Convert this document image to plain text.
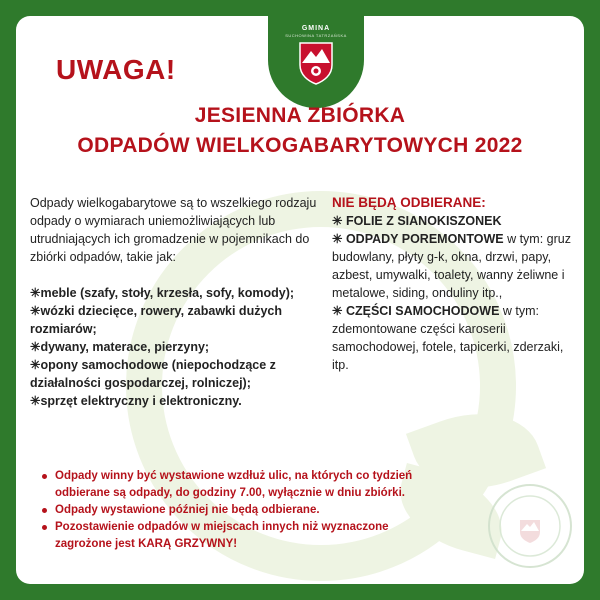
GMINA
SUCHOWINA TATRZAŃSKA
UWAGA!
JESIENNA ZBIÓRKA
ODPADÓW WIELKOGABARYTOWYCH 2022

Odpady wielkogabarytowe są to wszelkiego rodzaju odpady o wymiarach uniemożliwiających lub utrudniających ich gromadzenie w pojemnikach do zbiórki odpadów, takie jak:

✳meble (szafy, stoły, krzesła, sofy, komody);

✳wózki dziecięce, rowery, zabawki dużych rozmiarów;

✳dywany, materace, pierzyny;

✳opony samochodowe (niepochodzące z działalności gospodarczej, rolniczej);

✳sprzęt elektryczny i elektroniczny.

NIE BĘDĄ ODBIERANE:

✳ FOLIE Z SIANOKISZONEK

✳ ODPADY POREMONTOWE w tym: gruz budowlany, płyty g-k, okna, drzwi, papy, azbest, umywalki, toalety, wanny żeliwne i metalowe, siding, onduliny itp.,

✳ CZĘŚCI SAMOCHODOWE w tym: zdemontowane części karoserii samochodowej, fotele, tapicerki, zderzaki, itp.

Odpady winny być wystawione wzdłuż ulic, na których co tydzień odbierane są odpady, do godziny 7.00, wyłącznie w dniu zbiórki.
Odpady wystawione później nie będą odbierane.
Pozostawienie odpadów w miejscach innych niż wyznaczone zagrożone jest KARĄ GRZYWNY!
